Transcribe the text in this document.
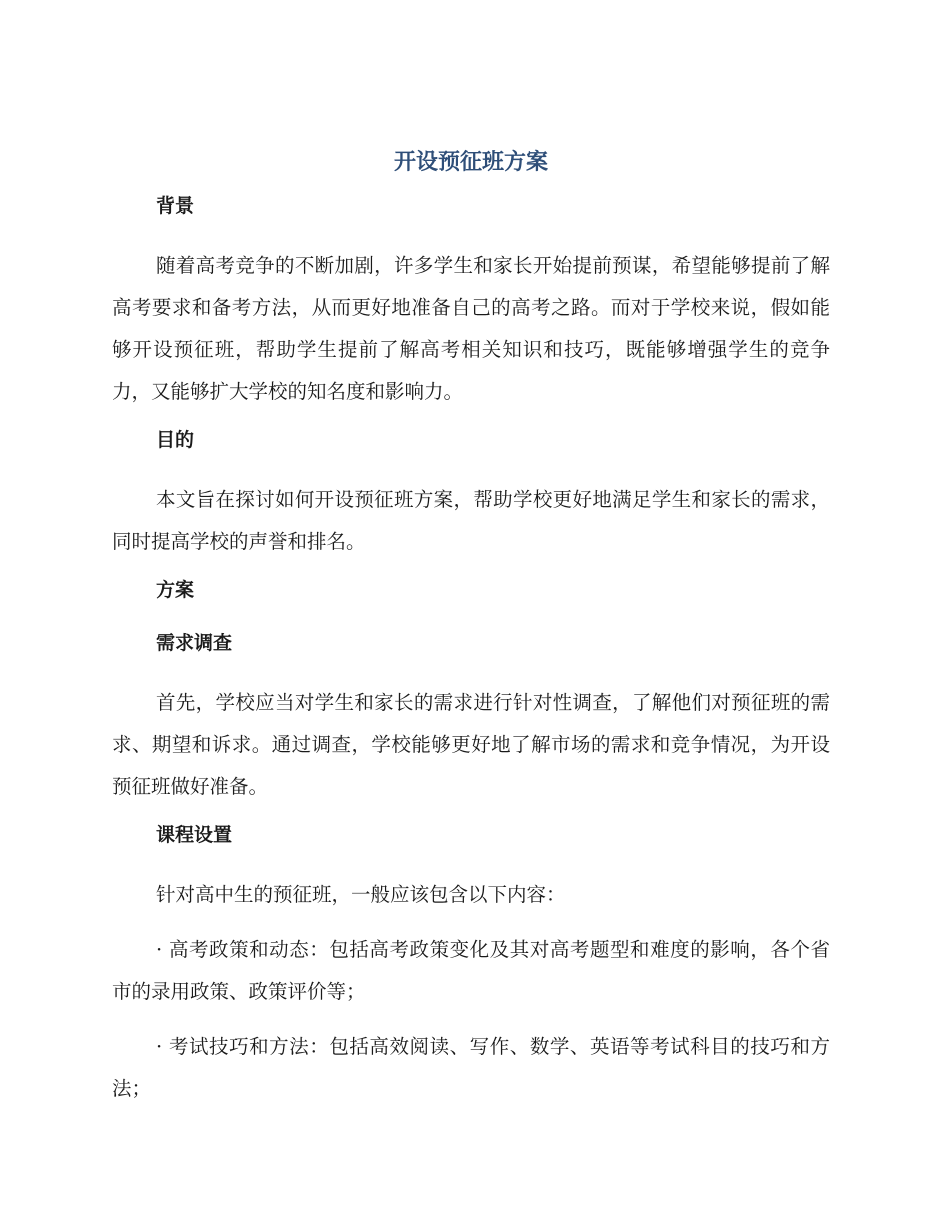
开设预征班方案
背景

随着高考竞争的不断加剧，许多学生和家长开始提前预谋，希望能够提前了解高考要求和备考方法，从而更好地准备自己的高考之路。而对于学校来说，假如能够开设预征班，帮助学生提前了解高考相关知识和技巧，既能够增强学生的竞争力，又能够扩大学校的知名度和影响力。

目的

本文旨在探讨如何开设预征班方案，帮助学校更好地满足学生和家长的需求，同时提高学校的声誉和排名。

方案
需求调查

首先，学校应当对学生和家长的需求进行针对性调查，了解他们对预征班的需求、期望和诉求。通过调查，学校能够更好地了解市场的需求和竞争情况，为开设预征班做好准备。

课程设置

针对高中生的预征班，一般应该包含以下内容：

· 高考政策和动态：包括高考政策变化及其对高考题型和难度的影响，各个省市的录用政策、政策评价等；

· 考试技巧和方法：包括高效阅读、写作、数学、英语等考试科目的技巧和方法；
